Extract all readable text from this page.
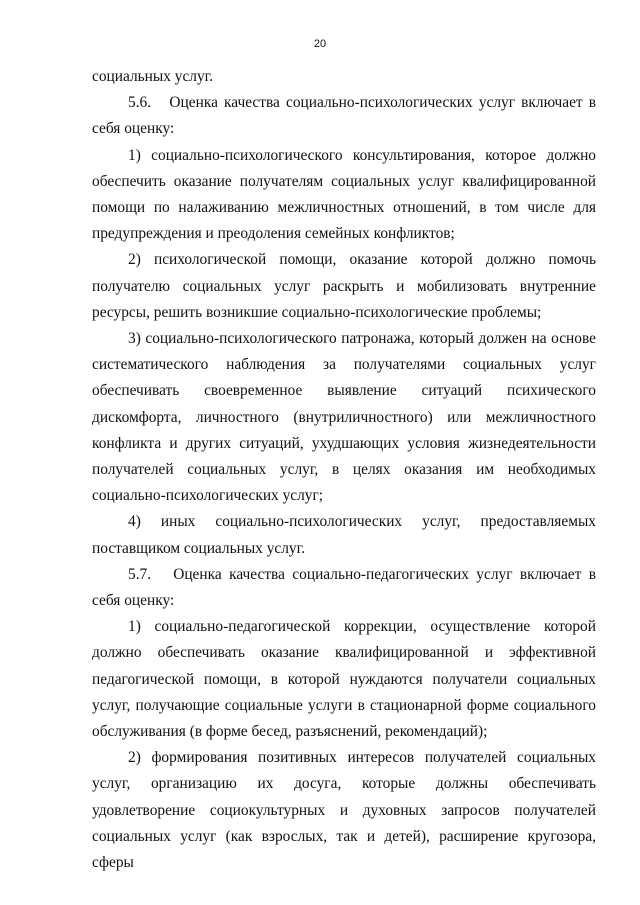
20

социальных услуг.

5.6.   Оценка качества социально-психологических услуг включает в себя оценку:

1) социально-психологического консультирования, которое должно обеспечить оказание получателям социальных услуг квалифицированной помощи по налаживанию межличностных отношений, в том числе для предупреждения и преодоления семейных конфликтов;

2) психологической помощи, оказание которой должно помочь получателю социальных услуг раскрыть и мобилизовать внутренние ресурсы, решить возникшие социально-психологические проблемы;

3) социально-психологического патронажа, который должен на основе систематического наблюдения за получателями социальных услуг обеспечивать своевременное выявление ситуаций психического дискомфорта, личностного (внутриличностного) или межличностного конфликта и других ситуаций, ухудшающих условия жизнедеятельности получателей социальных услуг, в целях оказания им необходимых социально-психологических услуг;

4) иных социально-психологических услуг, предоставляемых поставщиком социальных услуг.

5.7.   Оценка качества социально-педагогических услуг включает в себя оценку:

1) социально-педагогической коррекции, осуществление которой должно обеспечивать оказание квалифицированной и эффективной педагогической помощи, в которой нуждаются получатели социальных услуг, получающие социальные услуги в стационарной форме социального обслуживания (в форме бесед, разъяснений, рекомендаций);

2) формирования позитивных интересов получателей социальных услуг, организацию их досуга, которые должны обеспечивать удовлетворение социокультурных и духовных запросов получателей социальных услуг (как взрослых, так и детей), расширение кругозора, сферы
